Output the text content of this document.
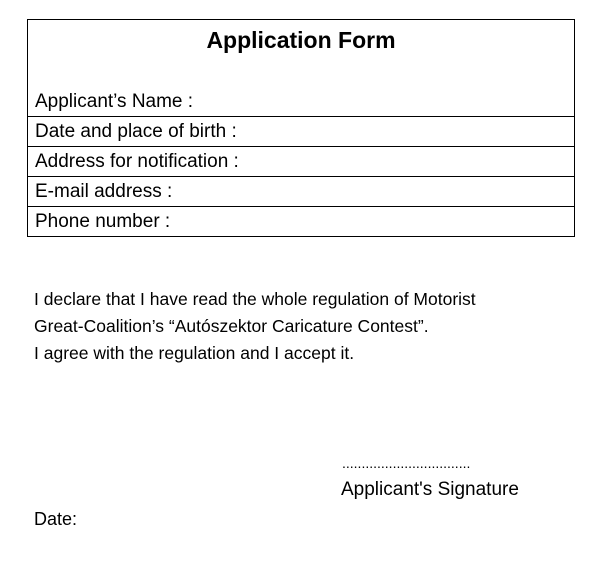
Application Form
Applicant’s Name :
Date and place of birth :
Address for notification :
E-mail address :
Phone number :
I declare that I have read the whole regulation of Motorist
Great-Coalition’s “Autószektor Caricature Contest”.
I agree with the regulation and I accept it.
.................................
Applicant's Signature
Date:
